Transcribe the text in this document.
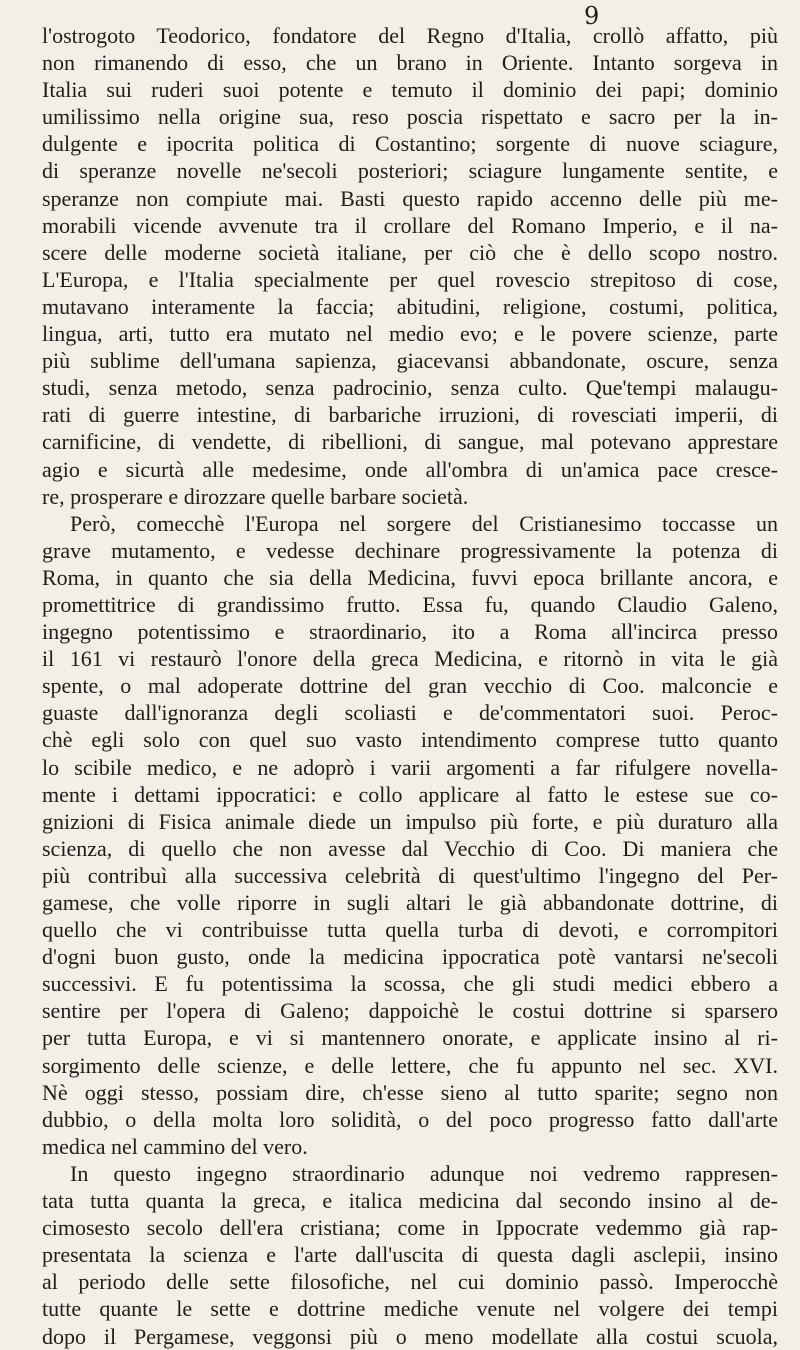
9
l'ostrogoto Teodorico, fondatore del Regno d'Italia, crollò affatto, più
non rimanendo di esso, che un brano in Oriente. Intanto sorgeva in
Italia sui ruderi suoi potente e temuto il dominio dei papi; dominio
umilissimo nella origine sua, reso poscia rispettato e sacro per la in-
dulgente e ipocrita politica di Costantino; sorgente di nuove sciagure,
di speranze novelle ne'secoli posteriori; sciagure lungamente sentite, e
speranze non compiute mai. Basti questo rapido accenno delle più me-
morabili vicende avvenute tra il crollare del Romano Imperio, e il na-
scere delle moderne società italiane, per ciò che è dello scopo nostro.
L'Europa, e l'Italia specialmente per quel rovescio strepitoso di cose,
mutavano interamente la faccia; abitudini, religione, costumi, politica,
lingua, arti, tutto era mutato nel medio evo; e le povere scienze, parte
più sublime dell'umana sapienza, giacevansi abbandonate, oscure, senza
studi, senza metodo, senza padrocinio, senza culto. Que'tempi malaugu-
rati di guerre intestine, di barbariche irruzioni, di rovesciati imperii, di
carnificine, di vendette, di ribellioni, di sangue, mal potevano apprestare
agio e sicurtà alle medesime, onde all'ombra di un'amica pace cresce-
re, prosperare e dirozzare quelle barbare società.
Però, comecchè l'Europa nel sorgere del Cristianesimo toccasse un
grave mutamento, e vedesse dechinare progressivamente la potenza di
Roma, in quanto che sia della Medicina, fuvvi epoca brillante ancora, e
promettitrice di grandissimo frutto. Essa fu, quando Claudio Galeno,
ingegno potentissimo e straordinario, ito a Roma all'incirca presso
il 161 vi restaurò l'onore della greca Medicina, e ritornò in vita le già
spente, o mal adoperate dottrine del gran vecchio di Coo. malconcie e
guaste dall'ignoranza degli scoliasti e de'commentatori suoi. Peroc-
chè egli solo con quel suo vasto intendimento comprese tutto quanto
lo scibile medico, e ne adoprò i varii argomenti a far rifulgere novella-
mente i dettami ippocratici: e collo applicare al fatto le estese sue co-
gnizioni di Fisica animale diede un impulso più forte, e più duraturo alla
scienza, di quello che non avesse dal Vecchio di Coo. Di maniera che
più contribuì alla successiva celebrità di quest'ultimo l'ingegno del Per-
gamese, che volle riporre in sugli altari le già abbandonate dottrine, di
quello che vi contribuisse tutta quella turba di devoti, e corrompitori
d'ogni buon gusto, onde la medicina ippocratica potè vantarsi ne'secoli
successivi. E fu potentissima la scossa, che gli studi medici ebbero a
sentire per l'opera di Galeno; dappoichè le costui dottrine si sparsero
per tutta Europa, e vi si mantennero onorate, e applicate insino al ri-
sorgimento delle scienze, e delle lettere, che fu appunto nel sec. XVI.
Nè oggi stesso, possiam dire, ch'esse sieno al tutto sparite; segno non
dubbio, o della molta loro solidità, o del poco progresso fatto dall'arte
medica nel cammino del vero.
In questo ingegno straordinario adunque noi vedremo rappresen-
tata tutta quanta la greca, e italica medicina dal secondo insino al de-
cimosesto secolo dell'era cristiana; come in Ippocrate vedemmo già rap-
presentata la scienza e l'arte dall'uscita di questa dagli asclepii, insino
al periodo delle sette filosofiche, nel cui dominio passò. Imperocchè
tutte quante le sette e dottrine mediche venute nel volgere dei tempi
dopo il Pergamese, veggonsi più o meno modellate alla costui scuola,
